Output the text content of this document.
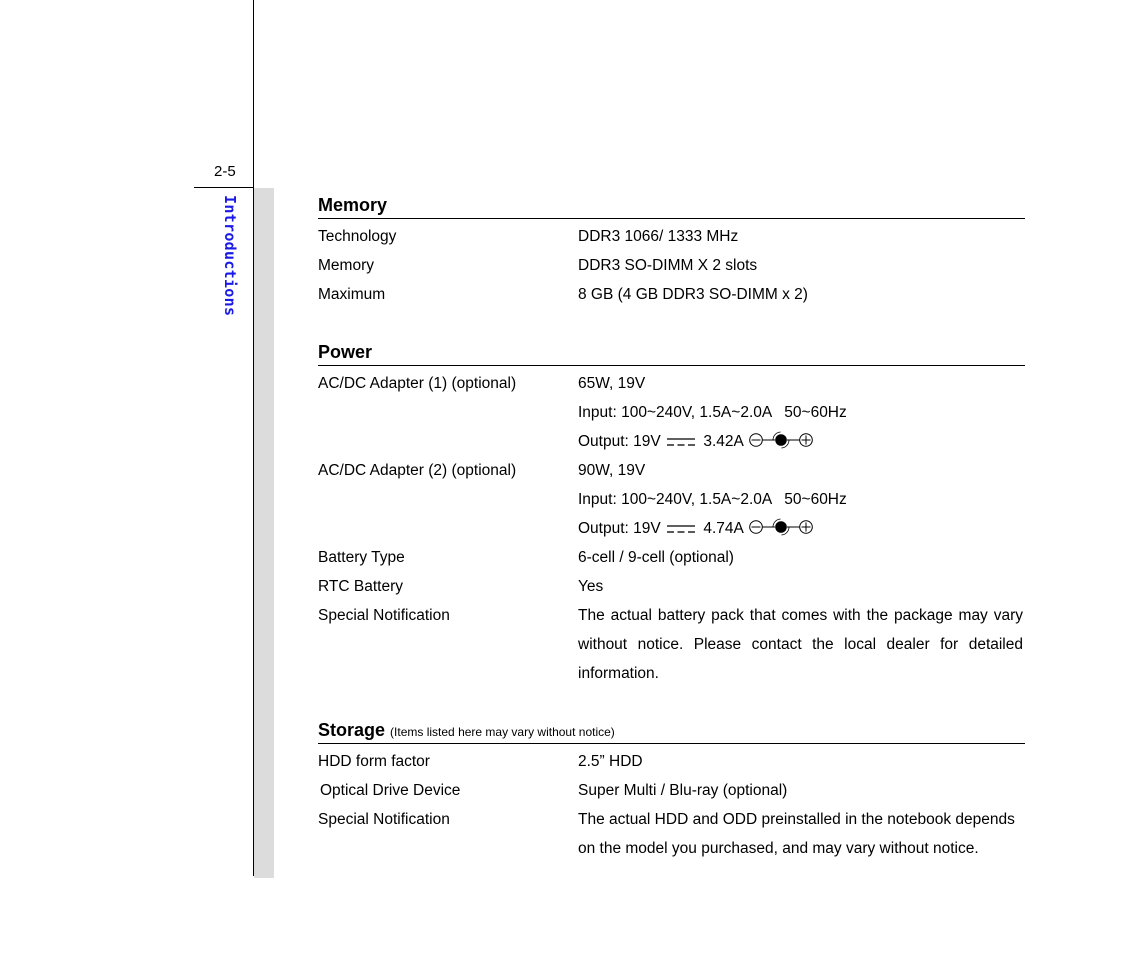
2-5
Introductions	Memory
Technology	DDR3 1066/ 1333 MHz
Memory	DDR3 SO-DIMM X 2 slots
Maximum	8 GB (4 GB DDR3 SO-DIMM x 2)
Power
AC/DC Adapter (1) (optional)	65W, 19V
Input: 100~240V, 1.5A~2.0A   50~60Hz
Output: 19V	3.42A
AC/DC Adapter (2) (optional)	90W, 19V
Input: 100~240V, 1.5A~2.0A   50~60Hz
Output: 19V	4.74A
Battery Type	6-cell / 9-cell (optional)
RTC Battery	Yes
Special Notification	The actual battery pack that comes with the package may vary without notice. Please contact the local dealer for detailed information.
Storage (Items listed here may vary without notice)
HDD form factor	2.5” HDD
Optical Drive Device	Super Multi / Blu-ray (optional)
Special Notification	The actual HDD and ODD preinstalled in the notebook depends
on the model you purchased, and may vary without notice.
